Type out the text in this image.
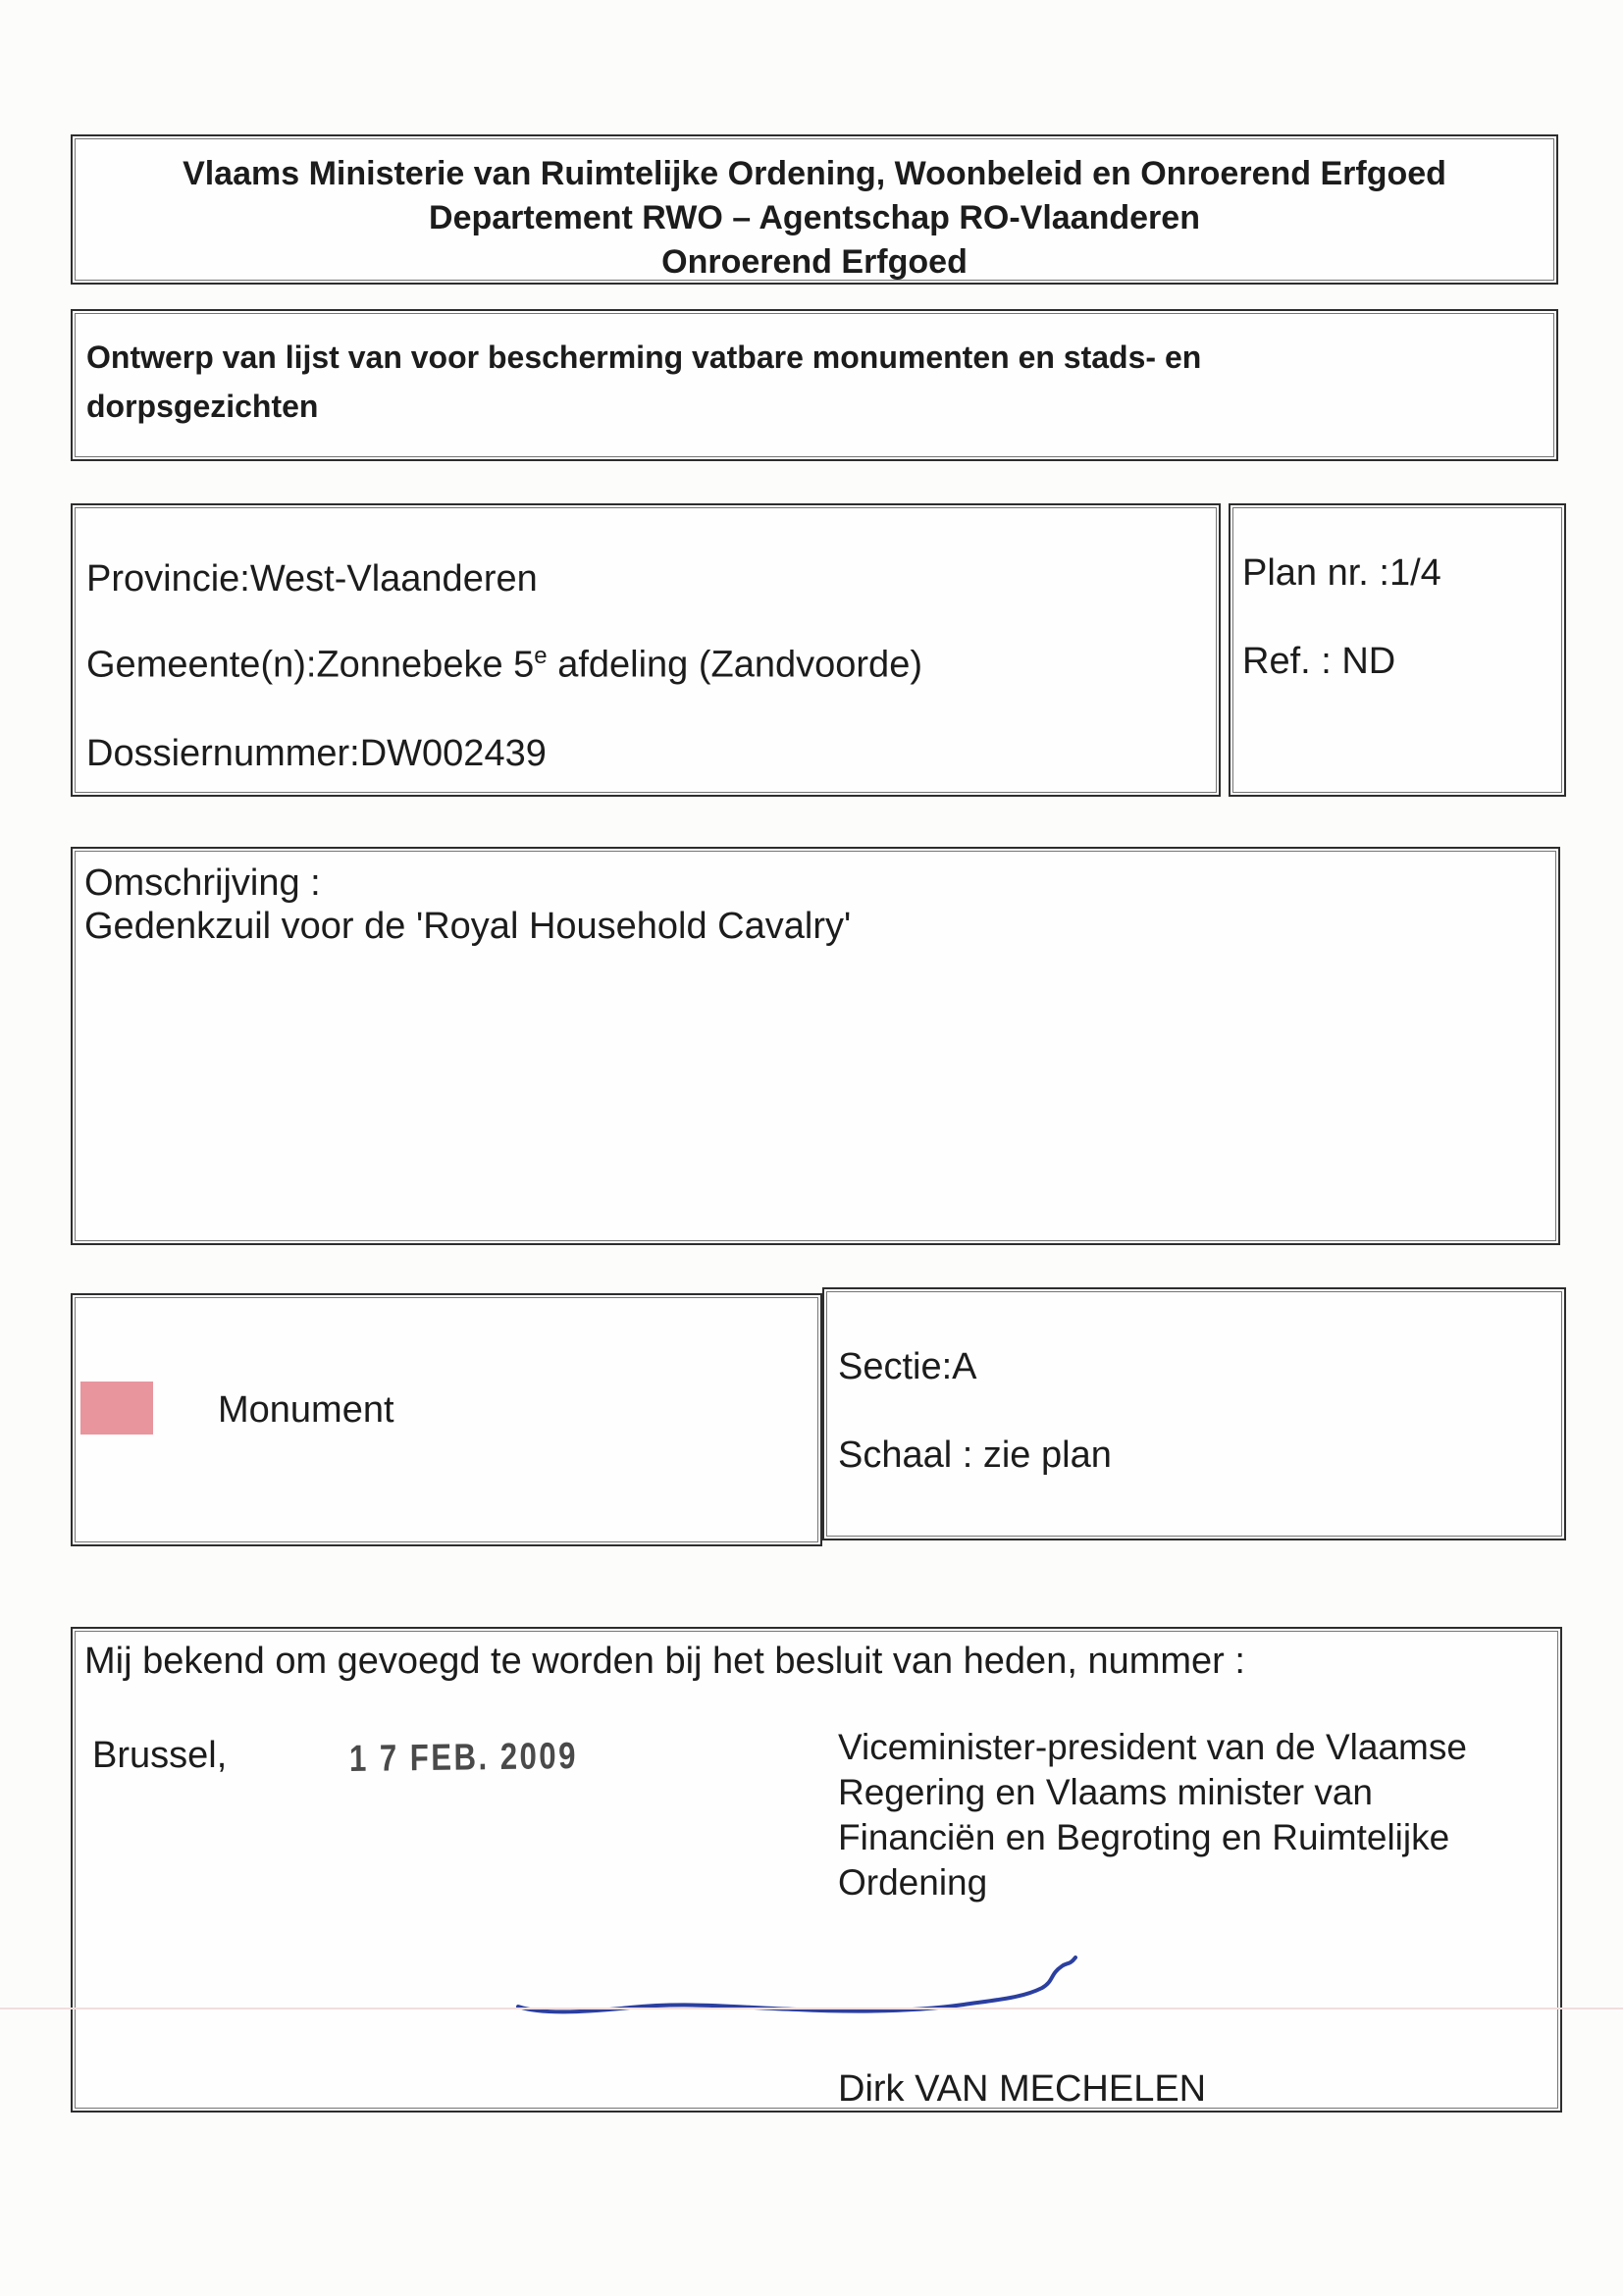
Vlaams Ministerie van Ruimtelijke Ordening, Woonbeleid en Onroerend Erfgoed
Departement RWO – Agentschap RO-Vlaanderen
Onroerend Erfgoed
Ontwerp van lijst van voor bescherming vatbare monumenten en stads- en
dorpsgezichten
Provincie:West-Vlaanderen
Gemeente(n):Zonnebeke 5e afdeling (Zandvoorde)
Dossiernummer:DW002439
Plan nr. :1/4
Ref. : ND
Omschrijving :
Gedenkzuil voor de 'Royal Household Cavalry'
Monument
Sectie:A
Schaal : zie plan
Mij bekend om gevoegd te worden bij het besluit van heden, nummer :
Brussel,	1 7 FEB. 2009	Viceminister-president van de Vlaamse
Regering en Vlaams minister van
Financiën en Begroting en Ruimtelijke
Ordening
Dirk VAN MECHELEN
